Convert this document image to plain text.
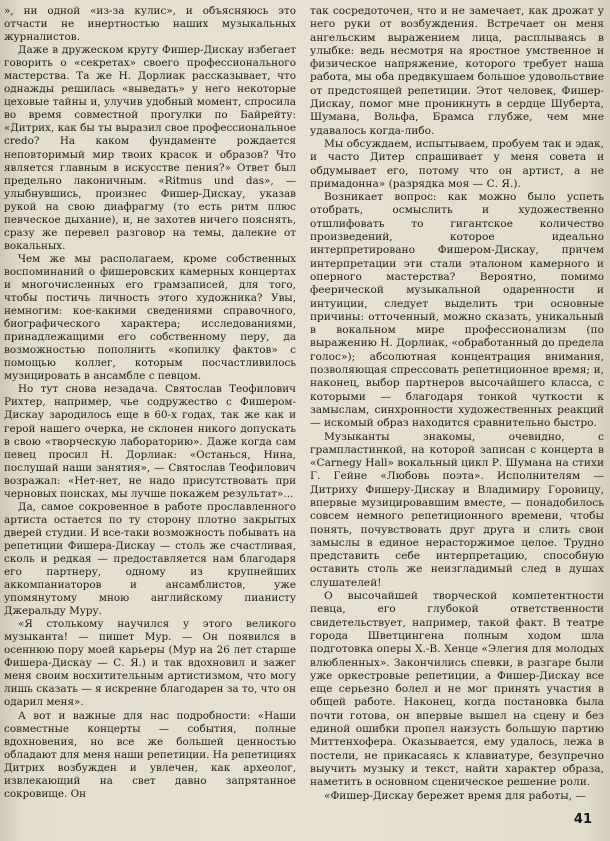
», ни одной «из-за кулис», и объясняюсь это отчасти не инертностью наших музыкальных журналистов.

Даже в дружеском кругу Фишер-Дискау избегает говорить о «секретах» своего профессионального мастерства. Та же Н. Дорлиак рассказывает, что однажды решилась «выведать» у него некоторые цеховые тайны и, улучив удобный момент, спросила во время совместной прогулки по Байрейту: «Дитрих, как бы ты выразил свое профессиональное credo? На каком фундаменте рождается неповторимый мир твоих красок и образов? Что является главным в искусстве пения?» Ответ был предельно лаконичным. «Ritmus und das», — улыбнувшись, произнес Фишер-Дискау, указав рукой на свою диафрагму (то есть ритм плюс певческое дыхание), и, не захотев ничего пояснять, сразу же перевел разговор на темы, далекие от вокальных.

Чем же мы располагаем, кроме собственных воспоминаний о фишеровских камерных концертах и многочисленных его грамзаписей, для того, чтобы постичь личность этого художника? Увы, немногим: кое-какими сведениями справочного, биографического характера; исследованиями, принадлежащими его собственному перу, да возможностью пополнить «копилку фактов» с помощью коллег, которым посчастливилось музицировать в ансамбле с певцом.

Но тут снова незадача. Святослав Теофилович Рихтер, например, чье содружество с Фишером-Дискау зародилось еще в 60-х годах, так же как и герой нашего очерка, не склонен никого допускать в свою «творческую лабораторию». Даже когда сам певец просил Н. Дорлиак: «Останься, Нина, послушай наши занятия», — Святослав Теофилович возражал: «Нет-нет, не надо присутствовать при черновых поисках, мы лучше покажем результат»...

Да, самое сокровенное в работе прославленного артиста остается по ту сторону плотно закрытых дверей студии. И все-таки возможность побывать на репетиции Фишера-Дискау — столь же счастливая, сколь и редкая — предоставляется нам благодаря его партнеру, одному из крупнейших аккомпаниаторов и ансамблистов, уже упомянутому мною английскому пианисту Джеральду Муру.

«Я столькому научился у этого великого музыканта! — пишет Мур. — Он появился в осеннюю пору моей карьеры (Мур на 26 лет старше Фишера-Дискау — С. Я.) и так вдохновил и зажег меня своим восхитительным артистизмом, что могу лишь сказать — я искренне благодарен за то, что он одарил меня».

А вот и важные для нас подробности: «Наши совместные концерты — события, полные вдохновения, но все же большей ценностью обладают для меня наши репетиции. На репетициях Дитрих возбужден и увлечен, как археолог, извлекающий на свет давно запрятанное сокровище. Он

так сосредоточен, что и не замечает, как дрожат у него руки от возбуждения. Встречает он меня ангельским выражением лица, расплываясь в улыбке: ведь несмотря на яростное умственное и физическое напряжение, которого требует наша работа, мы оба предвкушаем большое удовольствие от предстоящей репетиции. Этот человек, Фишер-Дискау, помог мне проникнуть в сердце Шуберта, Шумана, Вольфа, Брамса глубже, чем мне удавалось когда-либо.

Мы обсуждаем, испытываем, пробуем так и эдак, и часто Дитер спрашивает у меня совета и обдумывает его, потому что он артист, а не примадонна» (разрядка моя — С. Я.).

Возникает вопрос: как можно было успеть отобрать, осмыслить и художественно отшлифовать то гигантское количество произведений, которое идеально интерпретировано Фишером-Дискау, причем интерпретации эти стали эталоном камерного и оперного мастерства? Вероятно, помимо феерической музыкальной одаренности и интуиции, следует выделить три основные причины: отточенный, можно сказать, уникальный в вокальном мире профессионализм (по выражению Н. Дорлиак, «обработанный до предела голос»); абсолютная концентрация внимания, позволяющая спрессовать репетиционное время; и, наконец, выбор партнеров высочайшего класса, с которыми — благодаря тонкой чуткости к замыслам, синхронности художественных реакций — искомый образ находится сравнительно быстро.

Музыканты знакомы, очевидно, с грампластинкой, на которой записан с концерта в «Carnegy Hall» вокальный цикл Р. Шумана на стихи Г. Гейне «Любовь поэта». Исполнителям — Дитриху Фишеру-Дискау и Владимиру Горовицу, впервые музицировавшим вместе, — понадобилось совсем немного репетиционного времени, чтобы понять, почувствовать друг друга и слить свои замыслы в единое нерасторжимое целое. Трудно представить себе интерпретацию, способную оставить столь же неизгладимый след в душах слушателей!

О высочайшей творческой компетентности певца, его глубокой ответственности свидетельствует, например, такой факт. В театре города Шветцингена полным ходом шла подготовка оперы Х.-В. Хенце «Элегия для молодых влюбленных». Закончились спевки, в разгаре были уже оркестровые репетиции, а Фишер-Дискау все еще серьезно болел и не мог принять участия в общей работе. Наконец, когда постановка была почти готова, он впервые вышел на сцену и без единой ошибки пропел наизусть большую партию Миттенхофера. Оказывается, ему удалось, лежа в постели, не прикасаясь к клавиатуре, безупречно выучить музыку и текст, найти характер образа, наметить в основном сценическое решение роли.

«Фишер-Дискау бережет время для работы, —

41
